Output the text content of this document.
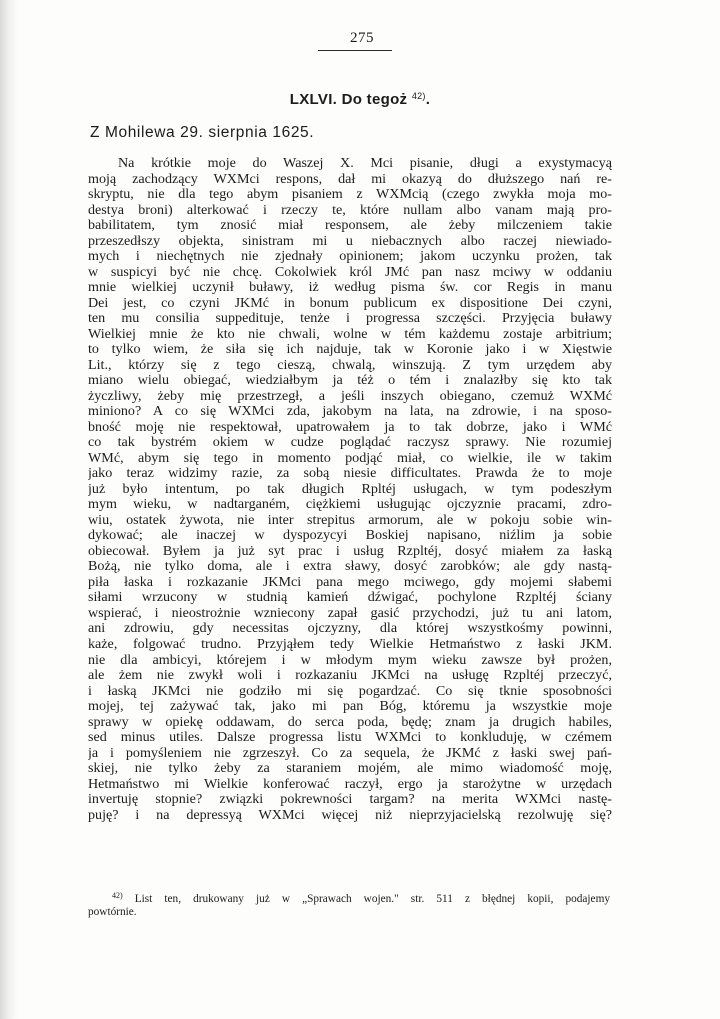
275
LXLVI. Do tegoż $^{42)}$.
Z Mohilewa 29. sierpnia 1625.
Na krótkie moje do Waszej X. Mci pisanie, długi a exystymacyą
moją zachodzący WXMci respons, dał mi okazyą do dłuższego nań re-
skryptu, nie dla tego abym pisaniem z WXMcią (czego zwykła moja mo-
destya broni) alterkować i rzeczy te, które nullam albo vanam mają pro-
babilitatem, tym znosić miał responsem, ale żeby milczeniem takie
przeszedłszy objekta, sinistram mi u niebacznych albo raczej niewiado-
mych i niechętnych nie zjednały opinionem; jakom uczynku prożen, tak
w suspicyi być nie chcę. Cokolwiek król JMć pan nasz mciwy w oddaniu
mnie wielkiej uczynił buławy, iż według pisma św. cor Regis in manu
Dei jest, co czyni JKMć in bonum publicum ex dispositione Dei czyni,
ten mu consilia suppedituje, tenże i progressa szczęści. Przyjęcia buławy
Wielkiej mnie że kto nie chwali, wolne w tém każdemu zostaje arbitrium;
to tylko wiem, że siła się ich najduje, tak w Koronie jako i w Xięstwie
Lit., którzy się z tego cieszą, chwalą, winszują. Z tym urzędem aby
miano wielu obiegać, wiedziałbym ja téż o tém i znalazłby się kto tak
życzliwy, żeby mię przestrzegł, a jeśli inszych obiegano, czemuż WXMć
miniono? A co się WXMci zda, jakobym na lata, na zdrowie, i na sposo-
bność moję nie respektował, upatrowałem ja to tak dobrze, jako i WMć
co tak bystrém okiem w cudze poglądać raczysz sprawy. Nie rozumiej
WMć, abym się tego in momento podjąć miał, co wielkie, ile w takim
jako teraz widzimy razie, za sobą niesie difficultates. Prawda że to moje
już było intentum, po tak długich Rpltéj usługach, w tym podeszłym
mym wieku, w nadtarganém, ciężkiemi usługując ojczyznie pracami, zdro-
wiu, ostatek żywota, nie inter strepitus armorum, ale w pokoju sobie win-
dykować; ale inaczej w dyspozycyi Boskiej napisano, niźlim ja sobie
obiecował. Byłem ja już syt prac i usług Rzpltéj, dosyć miałem za łaską
Bożą, nie tylko doma, ale i extra sławy, dosyć zarobków; ale gdy nastą-
piła łaska i rozkazanie JKMci pana mego mciwego, gdy mojemi słabemi
siłami wrzucony w studnią kamień dźwigać, pochylone Rzpltéj ściany
wspierać, i nieostrożnie wzniecony zapał gasić przychodzi, już tu ani latom,
ani zdrowiu, gdy necessitas ojczyzny, dla której wszystkośmy powinni,
każe, folgować trudno. Przyjąłem tedy Wielkie Hetmaństwo z łaski JKM.
nie dla ambicyi, którejem i w młodym mym wieku zawsze był prożen,
ale żem nie zwykł woli i rozkazaniu JKMci na usługę Rzpltéj przeczyć,
i łaską JKMci nie godziło mi się pogardzać. Co się tknie sposobności
mojej, tej zażywać tak, jako mi pan Bóg, któremu ja wszystkie moje
sprawy w opiekę oddawam, do serca poda, będę; znam ja drugich habiles,
sed minus utiles. Dalsze progressa listu WXMci to konkluduję, w czémem
ja i pomyśleniem nie zgrzeszył. Co za sequela, że JKMć z łaski swej pań-
skiej, nie tylko żeby za staraniem mojém, ale mimo wiadomość moję,
Hetmaństwo mi Wielkie konferować raczył, ergo ja starożytne w urzędach
invertuję stopnie? związki pokrewności targam? na merita WXMci nastę-
puję? i na depressyą WXMci więcej niż nieprzyjacielską rezolwuję się?
$^{42)}$ List ten, drukowany już w „Sprawach wojen." str. 511 z błędnej kopii, podajemy
powtórnie.
